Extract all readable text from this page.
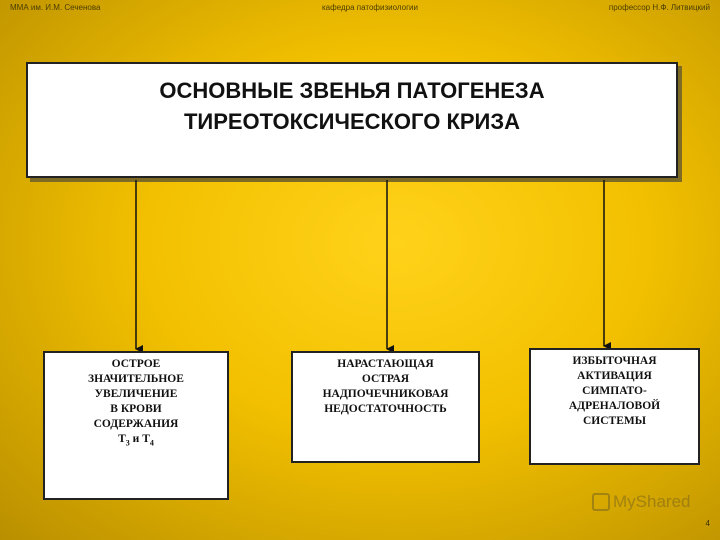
ММА им. И.М. Сеченова	кафедра патофизиологии	профессор Н.Ф. Литвицкий
ОСНОВНЫЕ ЗВЕНЬЯ ПАТОГЕНЕЗА
ТИРЕОТОКСИЧЕСКОГО КРИЗА
ОСТРОЕ
ЗНАЧИТЕЛЬНОЕ
УВЕЛИЧЕНИЕ
В КРОВИ
СОДЕРЖАНИЯ
$Т_3$ и $Т_4$
НАРАСТАЮЩАЯ
ОСТРАЯ
НАДПОЧЕЧНИКОВАЯ
НЕДОСТАТОЧНОСТЬ
ИЗБЫТОЧНАЯ
АКТИВАЦИЯ
СИМПАТО-
АДРЕНАЛОВОЙ
СИСТЕМЫ
MyShared
4
